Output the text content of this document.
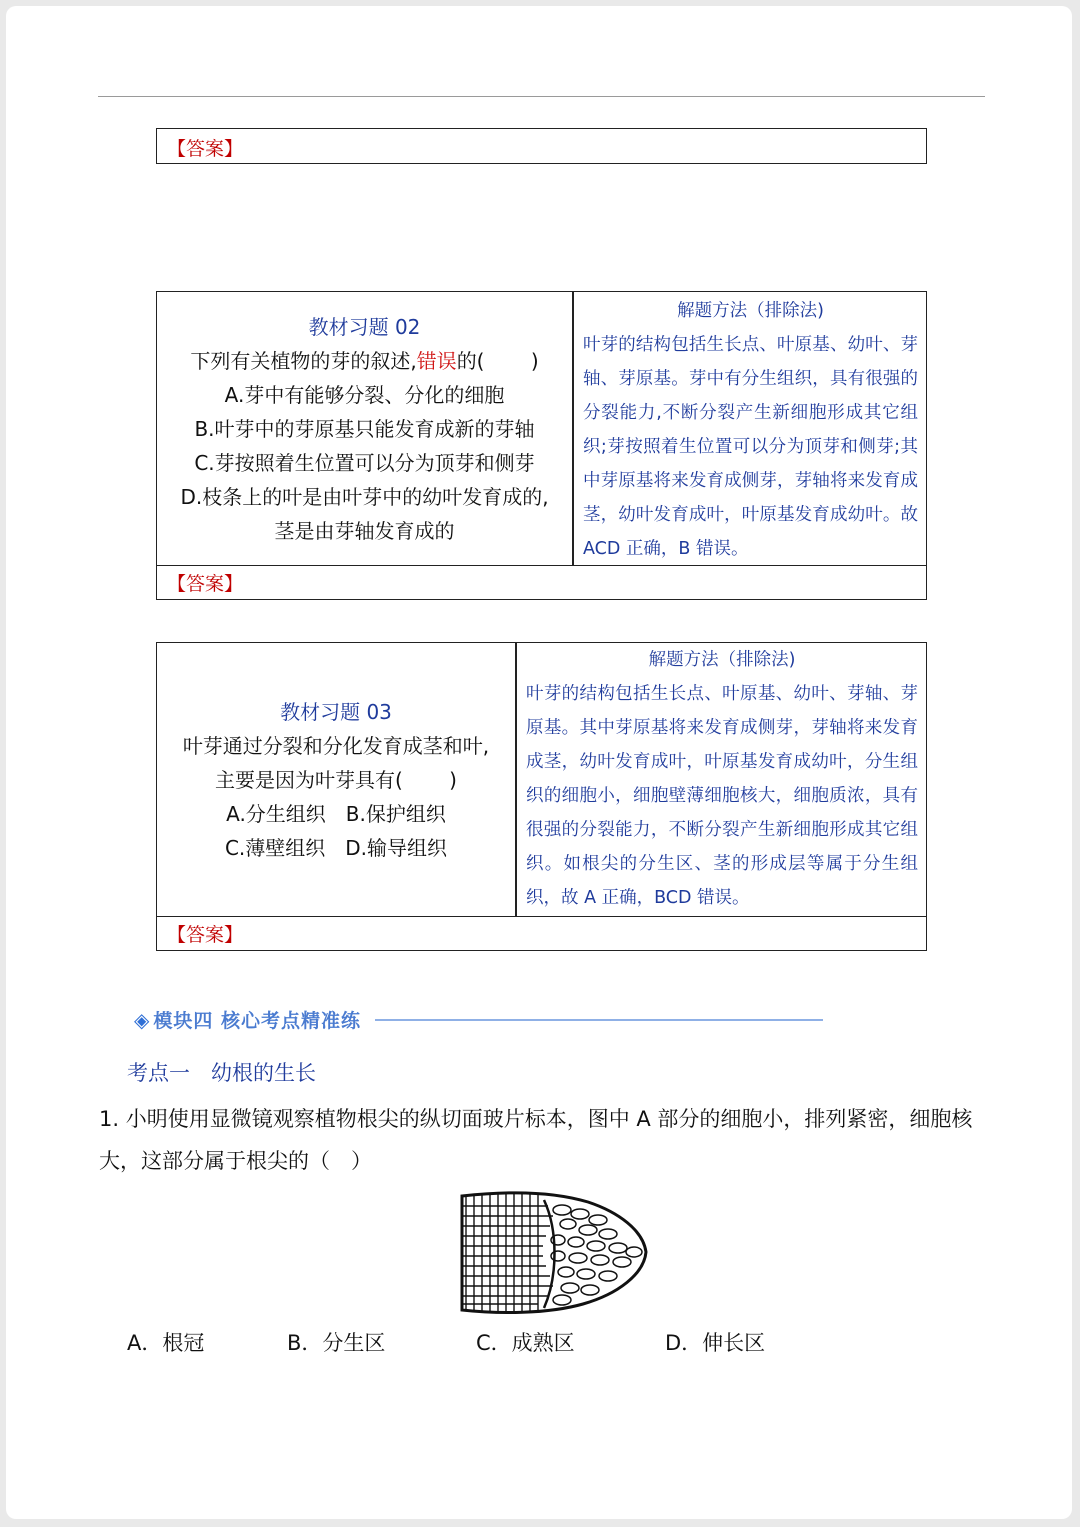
【答案】
教材习题 02
下列有关植物的芽的叙述,错误的(　　 )
A.芽中有能够分裂、分化的细胞
B.叶芽中的芽原基只能发育成新的芽轴
C.芽按照着生位置可以分为顶芽和侧芽
D.枝条上的叶是由叶芽中的幼叶发育成的,
茎是由芽轴发育成的

解题方法（排除法)

叶芽的结构包括生长点、叶原基、幼叶、芽轴、芽原基。芽中有分生组织，具有很强的分裂能力,不断分裂产生新细胞形成其它组织;芽按照着生位置可以分为顶芽和侧芽;其中芽原基将来发育成侧芽，芽轴将来发育成茎，幼叶发育成叶，叶原基发育成幼叶。故 ACD 正确，B 错误。

【答案】
教材习题 03
叶芽通过分裂和分化发育成茎和叶,
主要是因为叶芽具有(　　 )
A.分生组织　B.保护组织
C.薄壁组织　D.输导组织

解题方法（排除法)

叶芽的结构包括生长点、叶原基、幼叶、芽轴、芽原基。其中芽原基将来发育成侧芽，芽轴将来发育成茎，幼叶发育成叶，叶原基发育成幼叶，分生组织的细胞小，细胞壁薄细胞核大，细胞质浓，具有很强的分裂能力，不断分裂产生新细胞形成其它组织。如根尖的分生区、茎的形成层等属于分生组织，故 A 正确，BCD 错误。

【答案】
◈ 模块四 核心考点精准练
考点一　幼根的生长
1. 小明使用显微镜观察植物根尖的纵切面玻片标本，图中 A 部分的细胞小，排列紧密，细胞核大，这部分属于根尖的（　）
A．根冠	B．分生区	C．成熟区	D．伸长区
